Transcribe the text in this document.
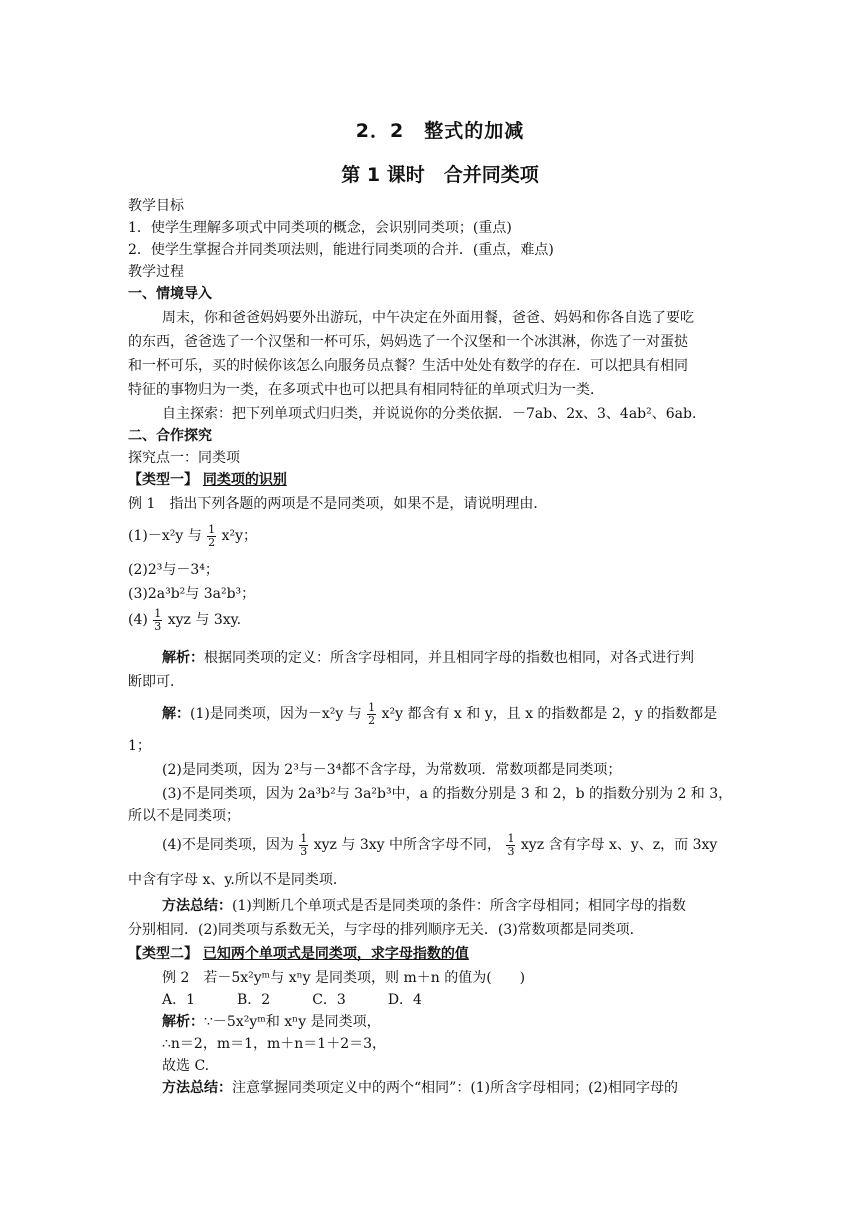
2．2　整式的加减
第 1 课时　合并同类项
教学目标
1．使学生理解多项式中同类项的概念，会识别同类项；(重点)
2．使学生掌握合并同类项法则，能进行同类项的合并．(重点，难点)
教学过程
一、情境导入
周末，你和爸爸妈妈要外出游玩，中午决定在外面用餐，爸爸、妈妈和你各自选了要吃
的东西，爸爸选了一个汉堡和一杯可乐，妈妈选了一个汉堡和一个冰淇淋，你选了一对蛋挞
和一杯可乐，买的时候你该怎么向服务员点餐？生活中处处有数学的存在．可以把具有相同
特征的事物归为一类，在多项式中也可以把具有相同特征的单项式归为一类．
自主探索：把下列单项式归归类，并说说你的分类依据．－7ab、2x、3、4ab²、6ab.
二、合作探究
探究点一：同类项
【类型一】 同类项的识别
例 1　指出下列各题的两项是不是同类项，如果不是，请说明理由．
(1)－x²y 与 $\frac{1}{2} x^2y$；
(2)2³与－3⁴；
(3)2a³b²与 3a²b³；
$(4) \frac{1}{3}$ xyz 与 3xy.
解析：根据同类项的定义：所含字母相同，并且相同字母的指数也相同，对各式进行判
断即可．
解：(1)是同类项，因为－x²y 与 $\frac{1}{2} x^2y$ 都含有 x 和 y，且 x 的指数都是 2，y 的指数都是
1；
(2)是同类项，因为 2³与－3⁴都不含字母，为常数项．常数项都是同类项；
(3)不是同类项，因为 2a³b²与 3a²b³中，a 的指数分别是 3 和 2，b 的指数分别为 2 和 3，
所以不是同类项；
(4)不是同类项，因为 $\frac{1}{3}$ xyz 与 3xy 中所含字母不同， $\frac{1}{3}$ xyz 含有字母 x、y、z，而 3xy
中含有字母 x、y.所以不是同类项．
方法总结：(1)判断几个单项式是否是同类项的条件：所含字母相同；相同字母的指数
分别相同．(2)同类项与系数无关，与字母的排列顺序无关．(3)常数项都是同类项．
【类型二】 已知两个单项式是同类项，求字母指数的值
例 2　若－5x²yᵐ与 xⁿy 是同类项，则 m＋n 的值为(　　)
A．1　　　B．2　　　C．3　　　D．4
解析：∵－5x²yᵐ和 xⁿy 是同类项，
∴n＝2，m＝1，m＋n＝1＋2＝3，
故选 C.
方法总结：注意掌握同类项定义中的两个“相同”：(1)所含字母相同；(2)相同字母的
